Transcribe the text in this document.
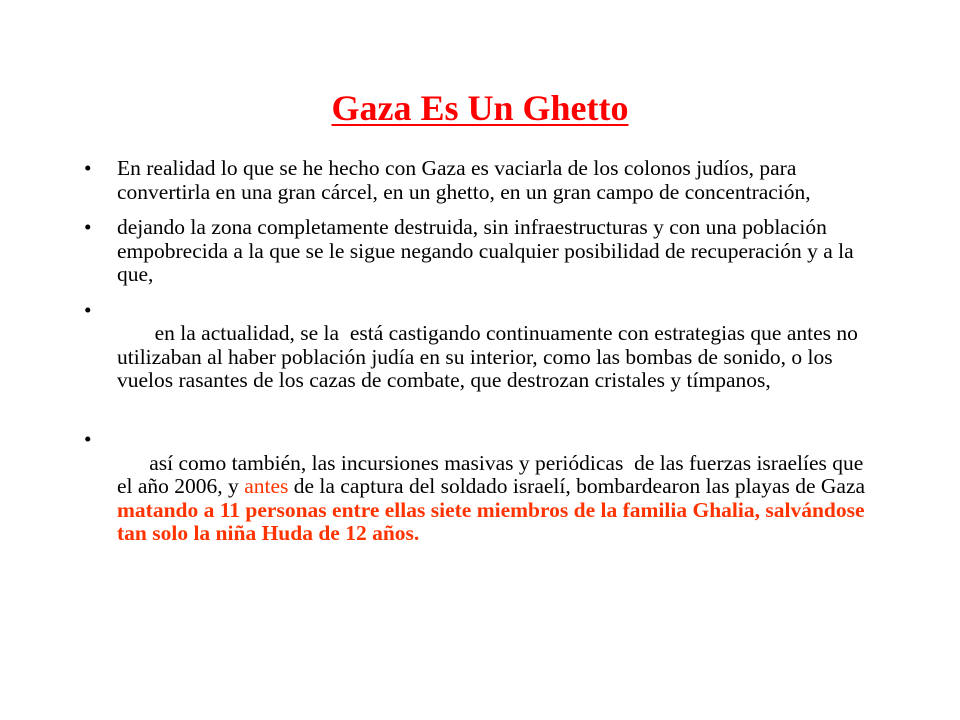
Gaza Es Un Ghetto
•	En realidad lo que se he hecho con Gaza es vaciarla de los colonos judíos, para convertirla en una gran cárcel, en un ghetto, en un gran campo de concentración,
•	dejando la zona completamente destruida, sin infraestructuras y con una población empobrecida a la que se le sigue negando cualquier posibilidad de recuperación y a la que,

•
en la actualidad, se la  está castigando continuamente con estrategias que antes no utilizaban al haber población judía en su interior, como las bombas de sonido, o los vuelos rasantes de los cazas de combate, que destrozan cristales y tímpanos,

•
así como también, las incursiones masivas y periódicas  de las fuerzas israelíes que el año 2006, y antes de la captura del soldado israelí, bombardearon las playas de Gaza matando a 11 personas entre ellas siete miembros de la familia Ghalia, salvándose tan solo la niña Huda de 12 años.
